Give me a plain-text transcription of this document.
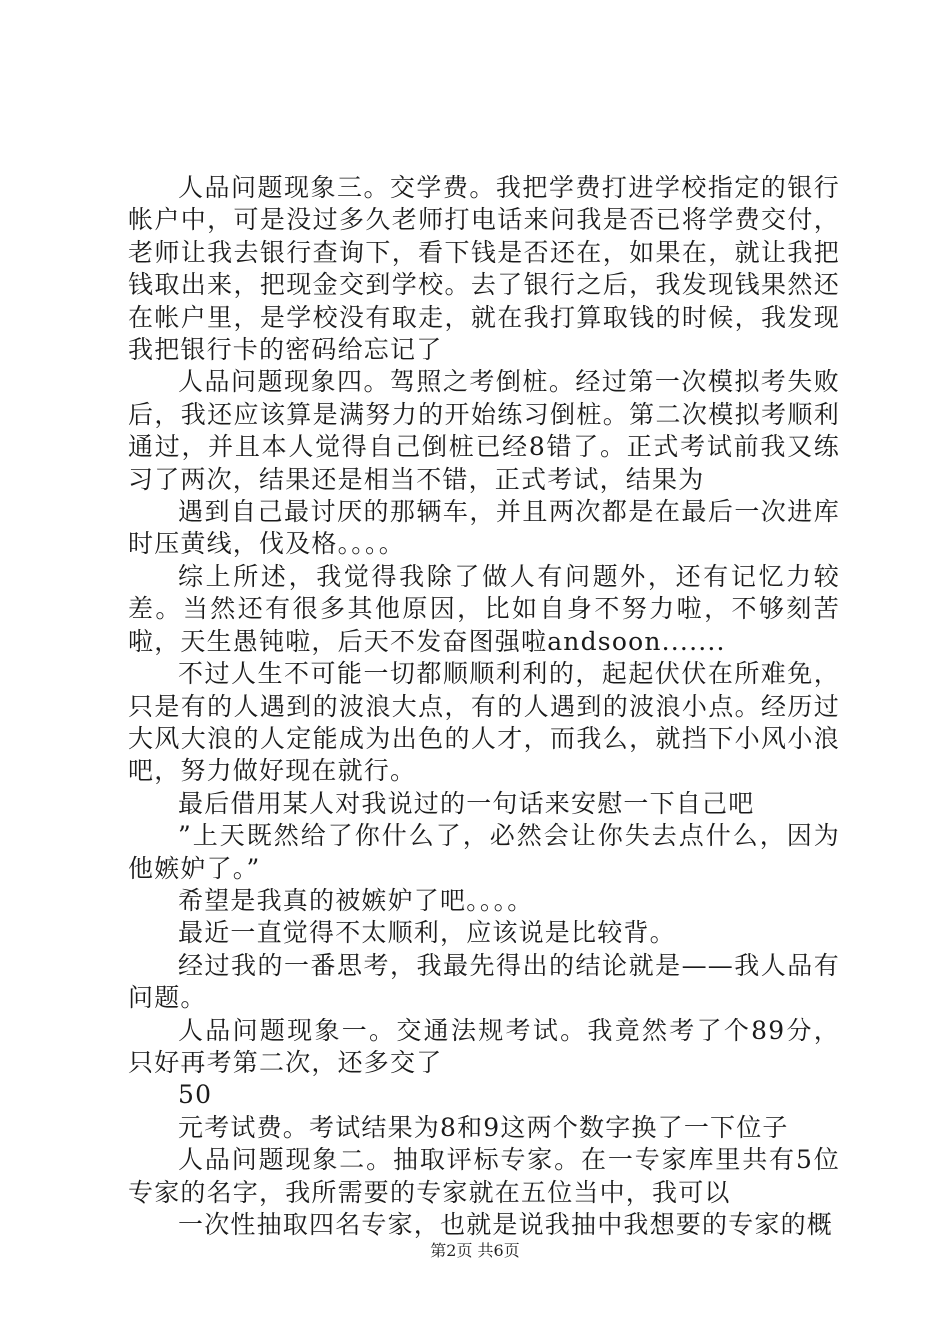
人品问题现象三。交学费。我把学费打进学校指定的银行帐户中，可是没过多久老师打电话来问我是否已将学费交付，老师让我去银行查询下，看下钱是否还在，如果在，就让我把钱取出来，把现金交到学校。去了银行之后，我发现钱果然还在帐户里，是学校没有取走，就在我打算取钱的时候，我发现我把银行卡的密码给忘记了

人品问题现象四。驾照之考倒桩。经过第一次模拟考失败后，我还应该算是满努力的开始练习倒桩。第二次模拟考顺利通过，并且本人觉得自己倒桩已经8错了。正式考试前我又练习了两次，结果还是相当不错，正式考试，结果为

遇到自己最讨厌的那辆车，并且两次都是在最后一次进库时压黄线，伐及格。。。。

综上所述，我觉得我除了做人有问题外，还有记忆力较差。当然还有很多其他原因，比如自身不努力啦，不够刻苦啦，天生愚钝啦，后天不发奋图强啦andsoon.......

不过人生不可能一切都顺顺利利的，起起伏伏在所难免，只是有的人遇到的波浪大点，有的人遇到的波浪小点。经历过大风大浪的人定能成为出色的人才，而我么，就挡下小风小浪吧，努力做好现在就行。

最后借用某人对我说过的一句话来安慰一下自己吧

”上天既然给了你什么了，必然会让你失去点什么，因为他嫉妒了。”

希望是我真的被嫉妒了吧。。。。

最近一直觉得不太顺利，应该说是比较背。

经过我的一番思考，我最先得出的结论就是——我人品有问题。

人品问题现象一。交通法规考试。我竟然考了个89分，只好再考第二次，还多交了

50

元考试费。考试结果为8和9这两个数字换了一下位子

人品问题现象二。抽取评标专家。在一专家库里共有5位专家的名字，我所需要的专家就在五位当中，我可以

一次性抽取四名专家，也就是说我抽中我想要的专家的概

第2页 共6页
